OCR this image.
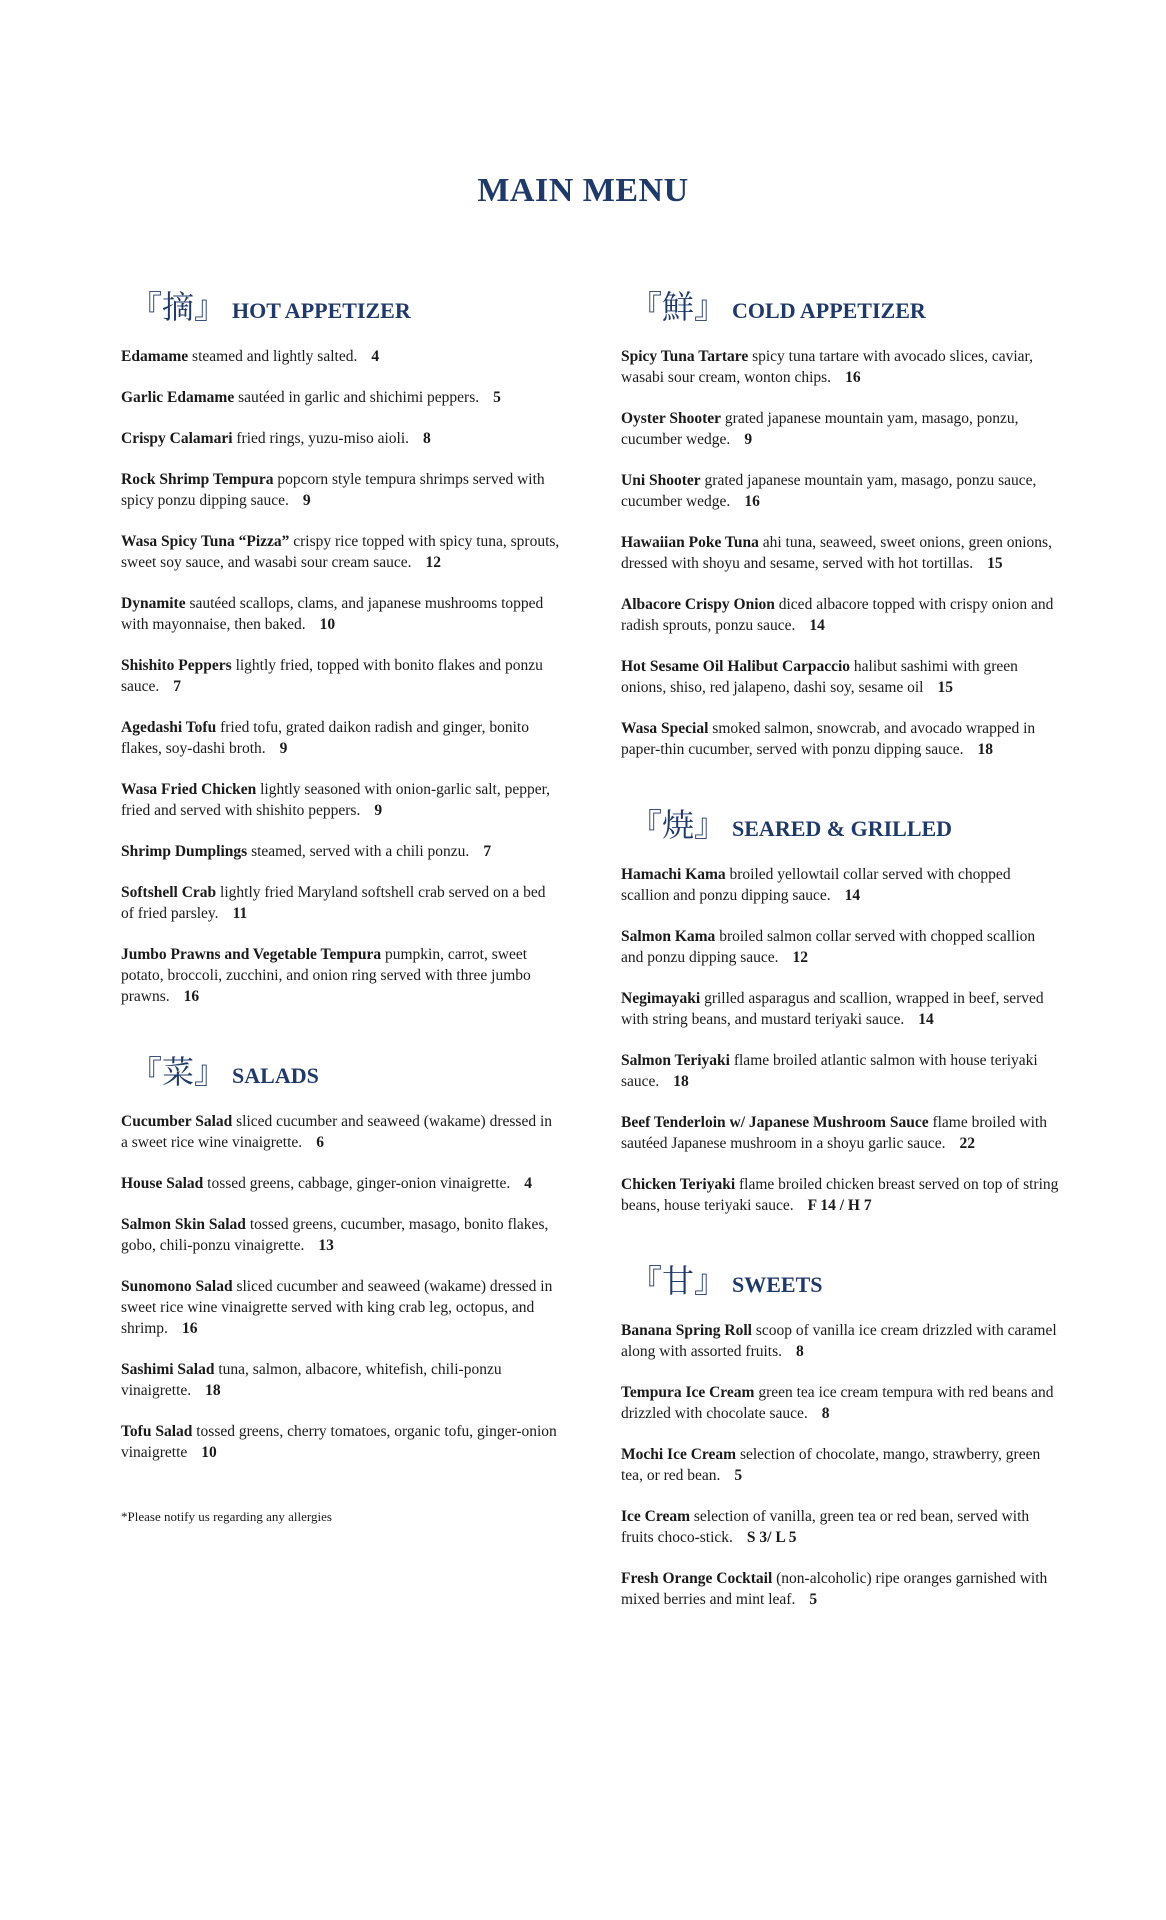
MAIN MENU
『摘』 HOT APPETIZER
Edamame steamed and lightly salted. 4
Garlic Edamame sautéed in garlic and shichimi peppers. 5
Crispy Calamari fried rings, yuzu-miso aioli. 8
Rock Shrimp Tempura popcorn style tempura shrimps served with spicy ponzu dipping sauce. 9
Wasa Spicy Tuna “Pizza” crispy rice topped with spicy tuna, sprouts, sweet soy sauce, and wasabi sour cream sauce. 12
Dynamite sautéed scallops, clams, and japanese mushrooms topped with mayonnaise, then baked. 10
Shishito Peppers lightly fried, topped with bonito flakes and ponzu sauce. 7
Agedashi Tofu fried tofu, grated daikon radish and ginger, bonito flakes, soy-dashi broth. 9
Wasa Fried Chicken lightly seasoned with onion-garlic salt, pepper, fried and served with shishito peppers. 9
Shrimp Dumplings steamed, served with a chili ponzu. 7
Softshell Crab lightly fried Maryland softshell crab served on a bed of fried parsley. 11
Jumbo Prawns and Vegetable Tempura pumpkin, carrot, sweet potato, broccoli, zucchini, and onion ring served with three jumbo prawns. 16
『菜』 SALADS
Cucumber Salad sliced cucumber and seaweed (wakame) dressed in a sweet rice wine vinaigrette. 6
House Salad tossed greens, cabbage, ginger-onion vinaigrette. 4
Salmon Skin Salad tossed greens, cucumber, masago, bonito flakes, gobo, chili-ponzu vinaigrette. 13
Sunomono Salad sliced cucumber and seaweed (wakame) dressed in sweet rice wine vinaigrette served with king crab leg, octopus, and shrimp. 16
Sashimi Salad tuna, salmon, albacore, whitefish, chili-ponzu vinaigrette. 18
Tofu Salad tossed greens, cherry tomatoes, organic tofu, ginger-onion vinaigrette 10
*Please notify us regarding any allergies
『鮮』 COLD APPETIZER
Spicy Tuna Tartare spicy tuna tartare with avocado slices, caviar, wasabi sour cream, wonton chips. 16
Oyster Shooter grated japanese mountain yam, masago, ponzu, cucumber wedge. 9
Uni Shooter grated japanese mountain yam, masago, ponzu sauce, cucumber wedge. 16
Hawaiian Poke Tuna ahi tuna, seaweed, sweet onions, green onions, dressed with shoyu and sesame, served with hot tortillas. 15
Albacore Crispy Onion diced albacore topped with crispy onion and radish sprouts, ponzu sauce. 14
Hot Sesame Oil Halibut Carpaccio halibut sashimi with green onions, shiso, red jalapeno, dashi soy, sesame oil 15
Wasa Special smoked salmon, snowcrab, and avocado wrapped in paper-thin cucumber, served with ponzu dipping sauce. 18
『焼』 SEARED & GRILLED
Hamachi Kama broiled yellowtail collar served with chopped scallion and ponzu dipping sauce. 14
Salmon Kama broiled salmon collar served with chopped scallion and ponzu dipping sauce. 12
Negimayaki grilled asparagus and scallion, wrapped in beef, served with string beans, and mustard teriyaki sauce. 14
Salmon Teriyaki flame broiled atlantic salmon with house teriyaki sauce. 18
Beef Tenderloin w/ Japanese Mushroom Sauce flame broiled with sautéed Japanese mushroom in a shoyu garlic sauce. 22
Chicken Teriyaki flame broiled chicken breast served on top of string beans, house teriyaki sauce. F 14 / H 7
『甘』 SWEETS
Banana Spring Roll scoop of vanilla ice cream drizzled with caramel along with assorted fruits. 8
Tempura Ice Cream green tea ice cream tempura with red beans and drizzled with chocolate sauce. 8
Mochi Ice Cream selection of chocolate, mango, strawberry, green tea, or red bean. 5
Ice Cream selection of vanilla, green tea or red bean, served with fruits choco-stick. S 3/ L 5
Fresh Orange Cocktail (non-alcoholic) ripe oranges garnished with mixed berries and mint leaf. 5
